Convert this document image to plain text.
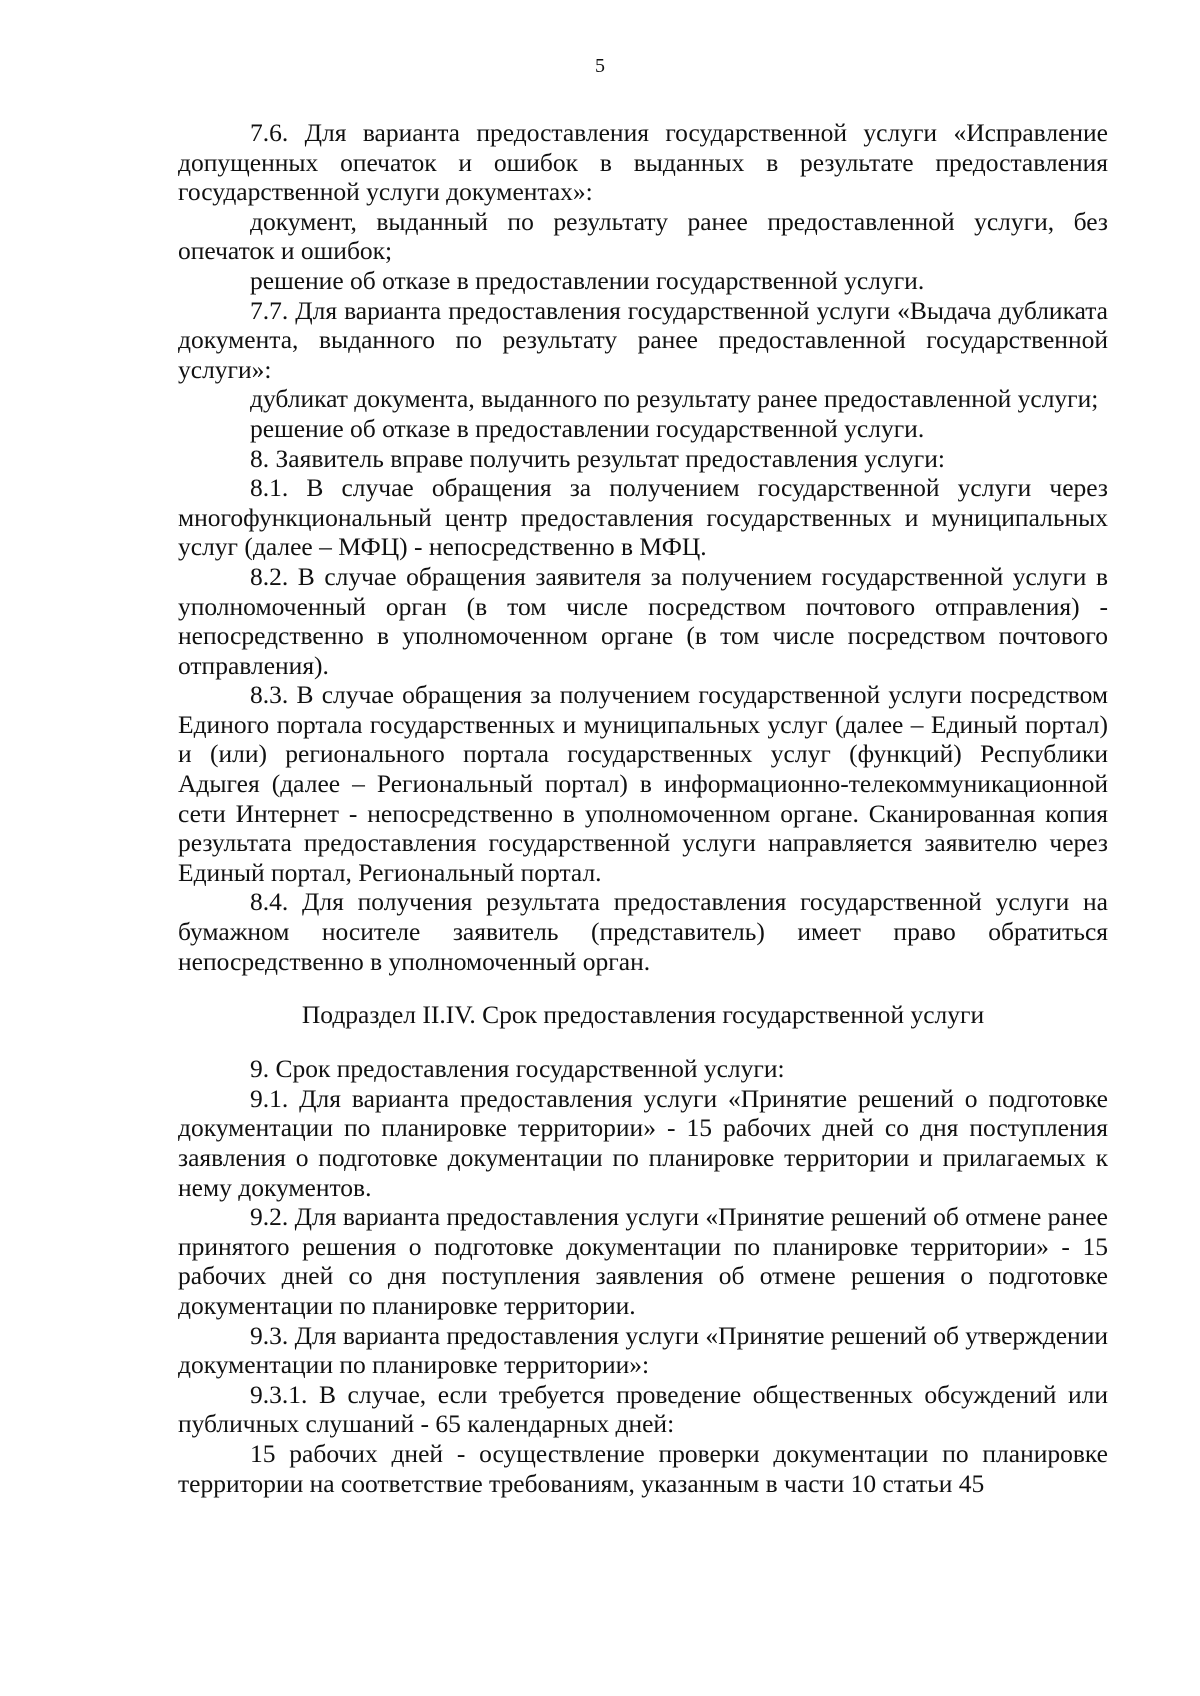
5

7.6. Для варианта предоставления государственной услуги «Исправление допущенных опечаток и ошибок в выданных в результате предоставления государственной услуги документах»:

документ, выданный по результату ранее предоставленной услуги, без опечаток и ошибок;

решение об отказе в предоставлении государственной услуги.

7.7. Для варианта предоставления государственной услуги «Выдача дубликата документа, выданного по результату ранее предоставленной государственной услуги»:

дубликат документа, выданного по результату ранее предоставленной услуги;

решение об отказе в предоставлении государственной услуги.

8. Заявитель вправе получить результат предоставления услуги:

8.1. В случае обращения за получением государственной услуги через многофункциональный центр предоставления государственных и муниципальных услуг (далее – МФЦ) - непосредственно в МФЦ.

8.2. В случае обращения заявителя за получением государственной услуги в уполномоченный орган (в том числе посредством почтового отправления) - непосредственно в уполномоченном органе (в том числе посредством почтового отправления).

8.3. В случае обращения за получением государственной услуги посредством Единого портала государственных и муниципальных услуг (далее – Единый портал) и (или) регионального портала государственных услуг (функций) Республики Адыгея (далее – Региональный портал) в информационно-телекоммуникационной сети Интернет - непосредственно в уполномоченном органе. Сканированная копия результата предоставления государственной услуги направляется заявителю через Единый портал, Региональный портал.

8.4. Для получения результата предоставления государственной услуги на бумажном носителе заявитель (представитель) имеет право обратиться непосредственно в уполномоченный орган.

Подраздел II.IV. Срок предоставления государственной услуги

9. Срок предоставления государственной услуги:

9.1. Для варианта предоставления услуги «Принятие решений о подготовке документации по планировке территории» - 15 рабочих дней со дня поступления заявления о подготовке документации по планировке территории и прилагаемых к нему документов.

9.2. Для варианта предоставления услуги «Принятие решений об отмене ранее принятого решения о подготовке документации по планировке территории» - 15 рабочих дней со дня поступления заявления об отмене решения о подготовке документации по планировке территории.

9.3. Для варианта предоставления услуги «Принятие решений об утверждении документации по планировке территории»:

9.3.1. В случае, если требуется проведение общественных обсуждений или публичных слушаний - 65 календарных дней:

15 рабочих дней - осуществление проверки документации по планировке территории на соответствие требованиям, указанным в части 10 статьи 45
